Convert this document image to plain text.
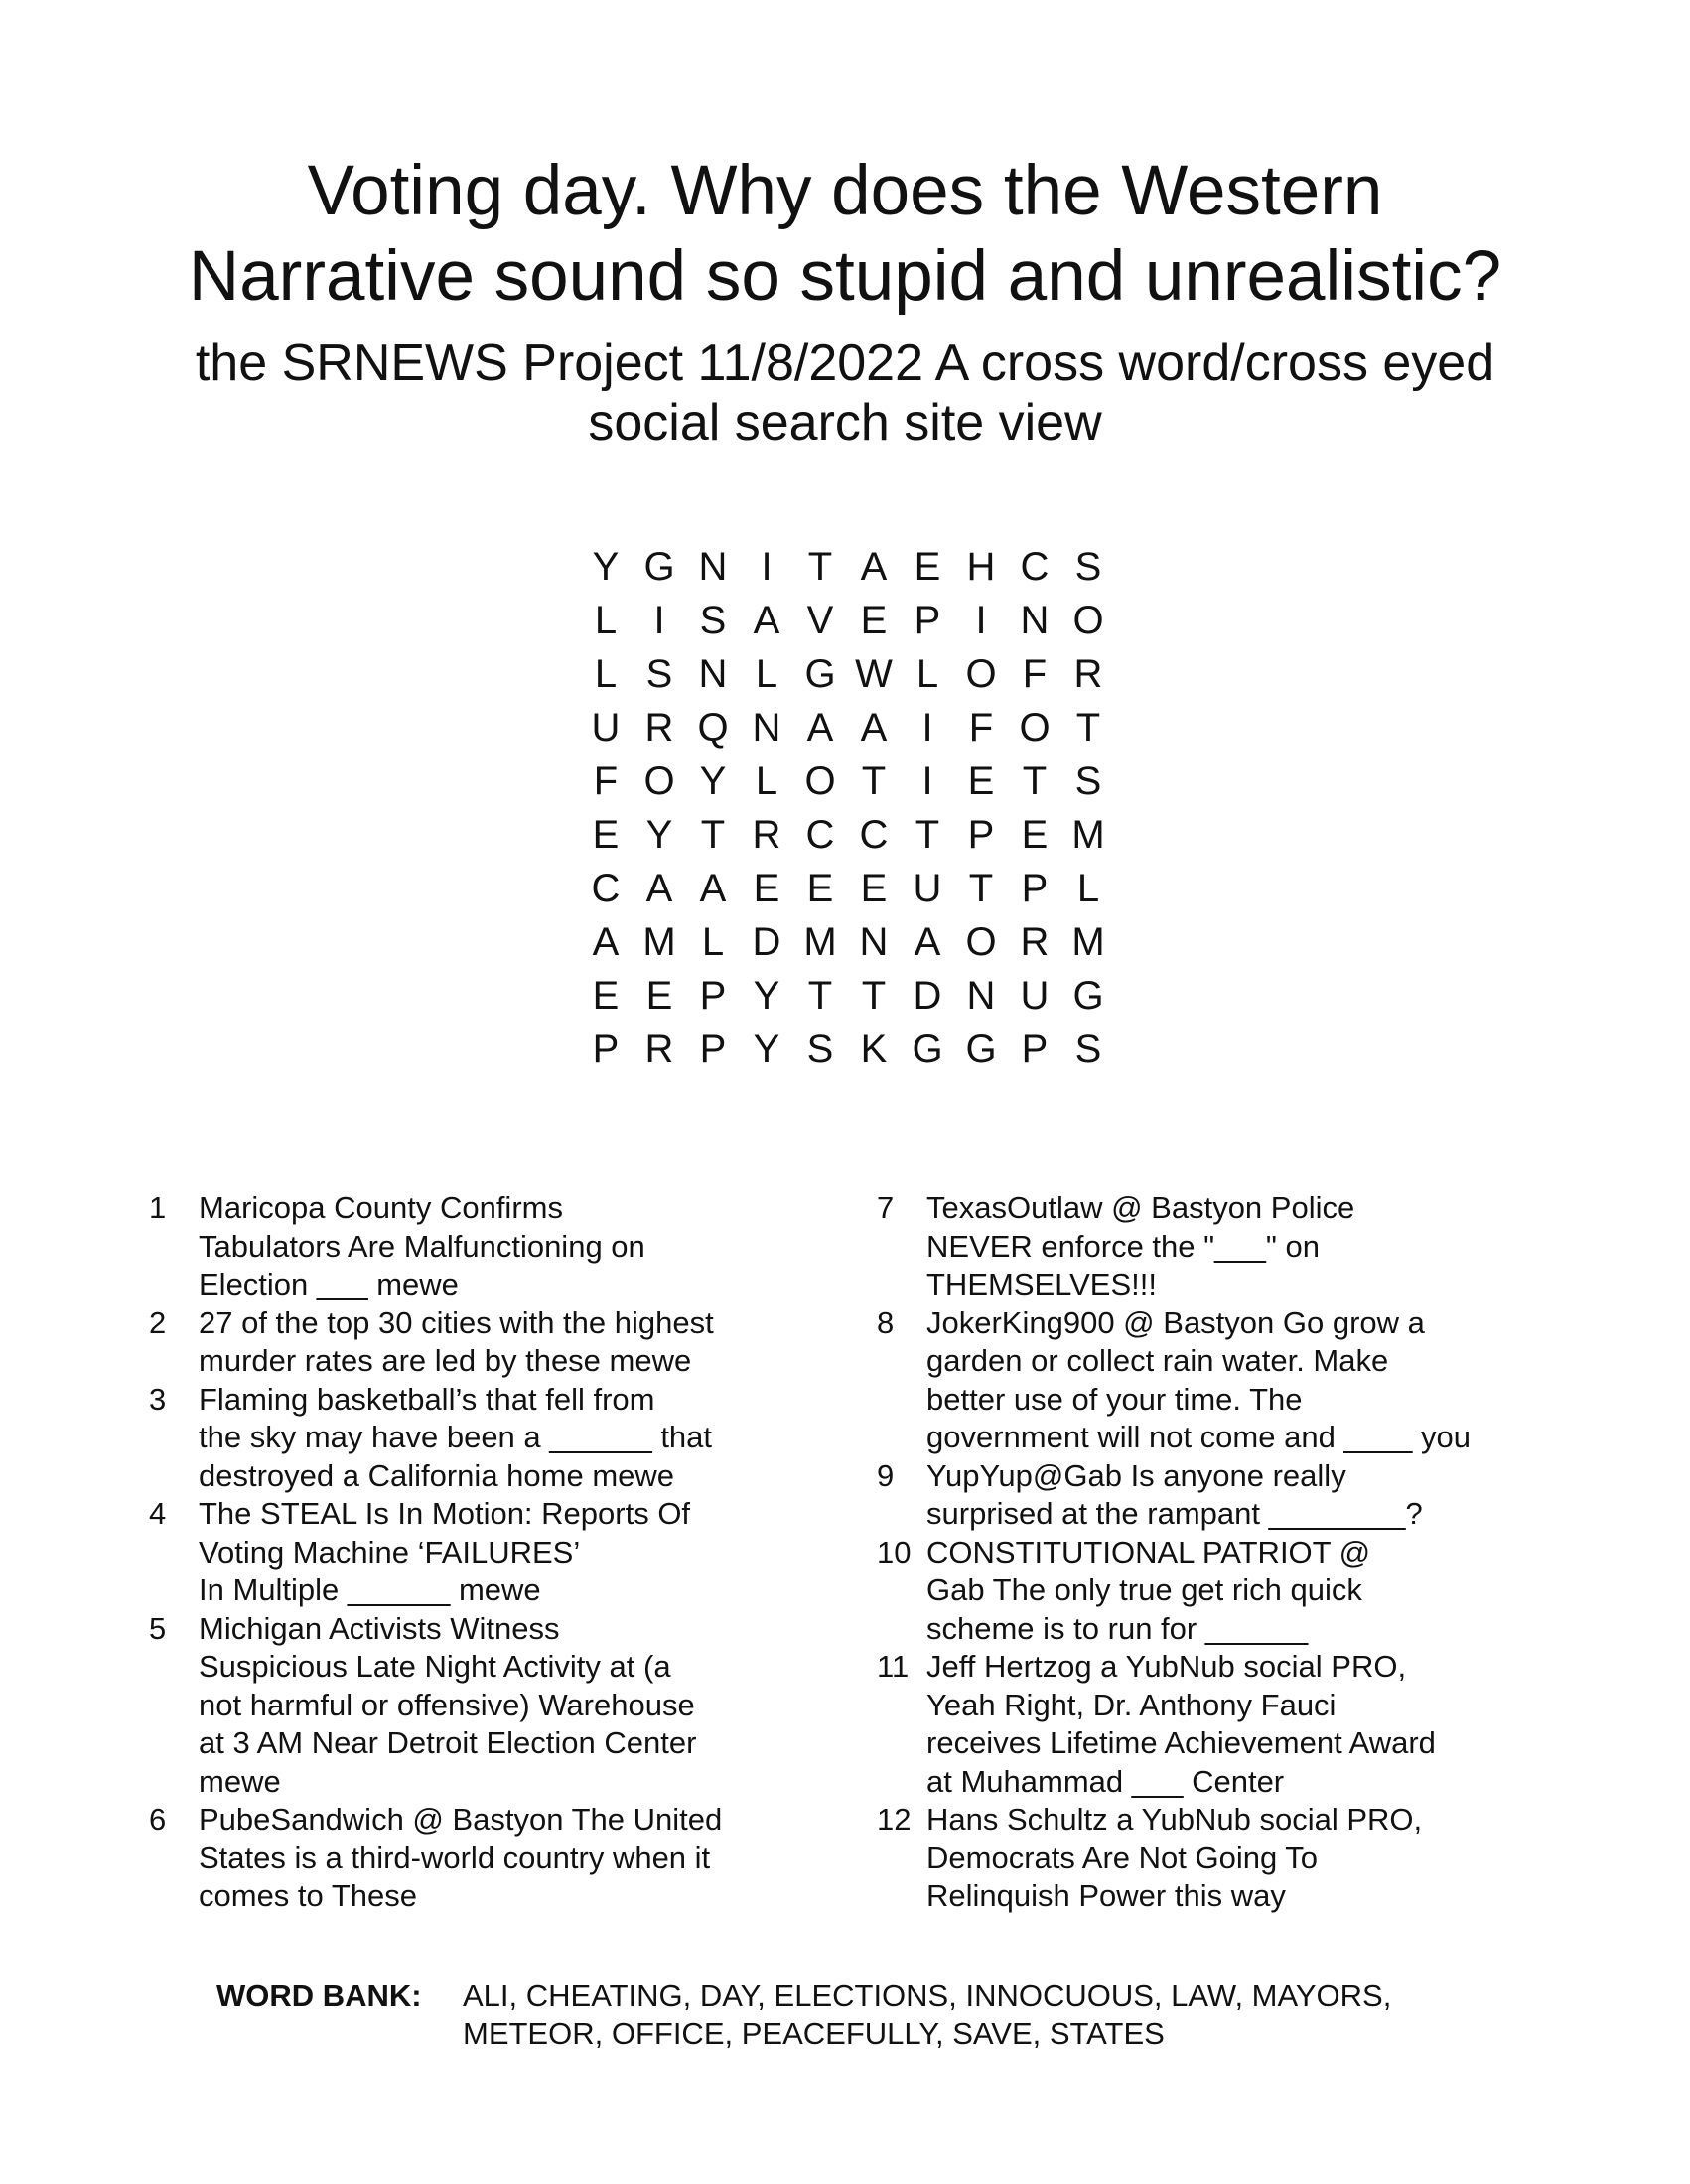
Voting day. Why does the Western
Narrative sound so stupid and unrealistic?
the SRNEWS Project 11/8/2022 A cross word/cross eyed
social search site view
Y G N I T A E H C S
L I S A V E P I N O
L S N L G W L O F R
U R Q N A A I F O T
F O Y L O T I E T S
E Y T R C C T P E M
C A A E E E U T P L
A M L D M N A O R M
E E P Y T T D N U G
P R P Y S K G G P S
1	Maricopa County Confirms
Tabulators Are Malfunctioning on
Election ___ mewe
2	27 of the top 30 cities with the highest
murder rates are led by these mewe
3	Flaming basketball’s that fell from
the sky may have been a ______ that
destroyed a California home mewe
4	The STEAL Is In Motion: Reports Of
Voting Machine ‘FAILURES’
In Multiple ______ mewe
5	Michigan Activists Witness
Suspicious Late Night Activity at (a
not harmful or offensive) Warehouse
at 3 AM Near Detroit Election Center
mewe
6	PubeSandwich @ Bastyon The United
States is a third-world country when it
comes to These
7	TexasOutlaw @ Bastyon Police
NEVER enforce the "___" on
THEMSELVES!!!
8	JokerKing900 @ Bastyon Go grow a
garden or collect rain water. Make
better use of your time. The
government will not come and ____ you
9	YupYup@Gab Is anyone really
surprised at the rampant ________?
10 CONSTITUTIONAL PATRIOT @
Gab The only true get rich quick
scheme is to run for ______
11 Jeff Hertzog a YubNub social PRO,
Yeah Right, Dr. Anthony Fauci
receives Lifetime Achievement Award
at Muhammad ___ Center
12 Hans Schultz a YubNub social PRO,
Democrats Are Not Going To
Relinquish Power this way
WORD BANK:	ALI, CHEATING, DAY, ELECTIONS, INNOCUOUS, LAW, MAYORS,
METEOR, OFFICE, PEACEFULLY, SAVE, STATES
